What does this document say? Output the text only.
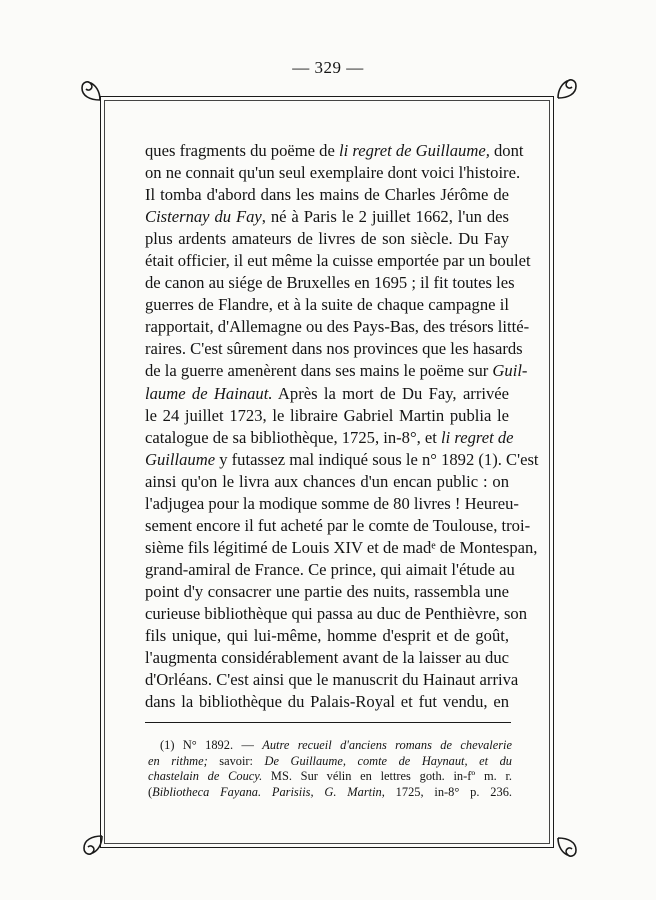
— 329 —
ques fragments du poëme de li regret de Guillaume, dont
on ne connait qu'un seul exemplaire dont voici l'histoire.
Il tomba d'abord dans les mains de Charles Jérôme de
Cisternay du Fay, né à Paris le 2 juillet 1662, l'un des
plus ardents amateurs de livres de son siècle. Du Fay
était officier, il eut même la cuisse emportée par un boulet
de canon au siége de Bruxelles en 1695 ; il fit toutes les
guerres de Flandre, et à la suite de chaque campagne il
rapportait, d'Allemagne ou des Pays-Bas, des trésors litté-
raires. C'est sûrement dans nos provinces que les hasards
de la guerre amenèrent dans ses mains le poëme sur Guil-
laume de Hainaut. Après la mort de Du Fay, arrivée
le 24 juillet 1723, le libraire Gabriel Martin publia le
catalogue de sa bibliothèque, 1725, in-8°, et li regret de
Guillaume y futassez mal indiqué sous le n° 1892 (1). C'est
ainsi qu'on le livra aux chances d'un encan public : on
l'adjugea pour la modique somme de 80 livres ! Heureu-
sement encore il fut acheté par le comte de Toulouse, troi-
sième fils légitimé de Louis XIV et de madᵉ de Montespan,
grand-amiral de France. Ce prince, qui aimait l'étude au
point d'y consacrer une partie des nuits, rassembla une
curieuse bibliothèque qui passa au duc de Penthièvre, son
fils unique, qui lui-même, homme d'esprit et de goût,
l'augmenta considérablement avant de la laisser au duc
d'Orléans. C'est ainsi que le manuscrit du Hainaut arriva
dans la bibliothèque du Palais-Royal et fut vendu, en
(1) N° 1892. — Autre recueil d'anciens romans de chevalerie
en rithme; savoir: De Guillaume, comte de Haynaut, et du
chastelain de Coucy. MS. Sur vélin en lettres goth. in-fº m. r.
(Bibliotheca Fayana. Parisiis, G. Martin, 1725, in-8° p. 236.
